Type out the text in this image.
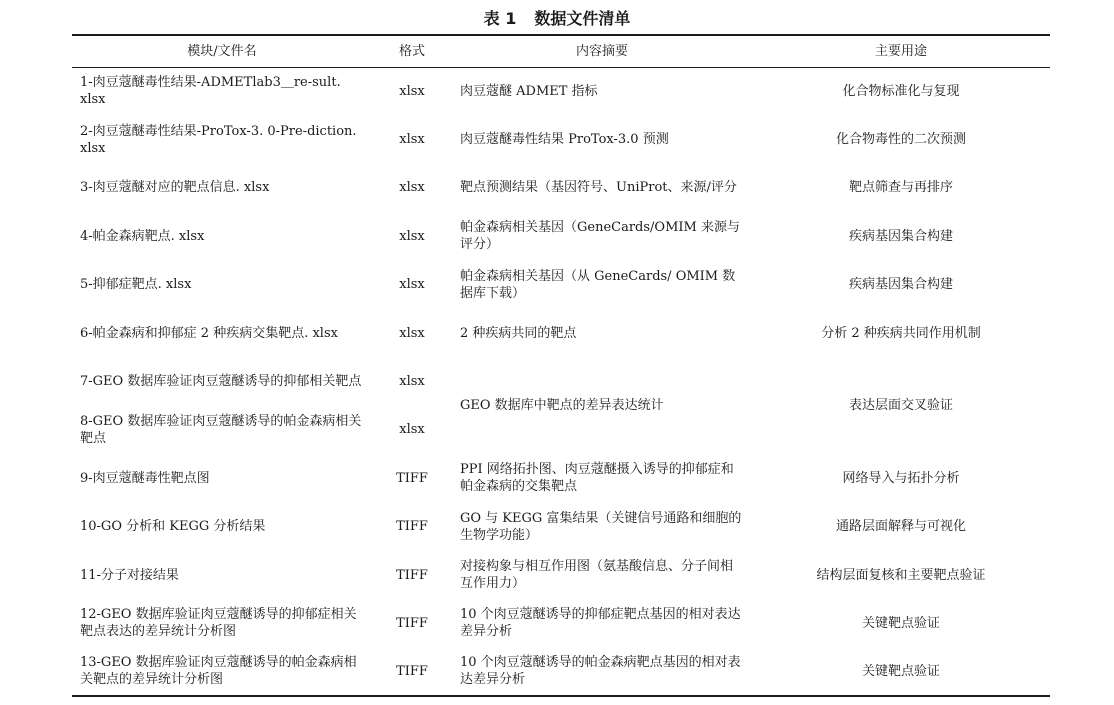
表 1 数据文件清单
模块/文件名	格式	内容摘要	主要用途
1-肉豆蔻醚毒性结果-ADMETlab3＿re-sult. xlsx	xlsx	肉豆蔻醚 ADMET 指标	化合物标准化与复现
2-肉豆蔻醚毒性结果-ProTox-3. 0-Pre-diction. xlsx	xlsx	肉豆蔻醚毒性结果 ProTox-3.0 预测	化合物毒性的二次预测
3-肉豆蔻醚对应的靶点信息. xlsx	xlsx	靶点预测结果（基因符号、UniProt、来源/评分	靶点筛查与再排序
4-帕金森病靶点. xlsx	xlsx	帕金森病相关基因（GeneCards/OMIM 来源与评分）	疾病基因集合构建
5-抑郁症靶点. xlsx	xlsx	帕金森病相关基因（从 GeneCards/ OMIM 数据库下载）	疾病基因集合构建
6-帕金森病和抑郁症 2 种疾病交集靶点. xlsx	xlsx	2 种疾病共同的靶点	分析 2 种疾病共同作用机制
7-GEO 数据库验证肉豆蔻醚诱导的抑郁相关靶点	xlsx	GEO 数据库中靶点的差异表达统计	表达层面交叉验证
8-GEO 数据库验证肉豆蔻醚诱导的帕金森病相关靶点	xlsx		
9-肉豆蔻醚毒性靶点图	TIFF	PPI 网络拓扑图、肉豆蔻醚摄入诱导的抑郁症和帕金森病的交集靶点	网络导入与拓扑分析
10-GO 分析和 KEGG 分析结果	TIFF	GO 与 KEGG 富集结果（关键信号通路和细胞的生物学功能）	通路层面解释与可视化
11-分子对接结果	TIFF	对接构象与相互作用图（氨基酸信息、分子间相互作用力）	结构层面复核和主要靶点验证
12-GEO 数据库验证肉豆蔻醚诱导的抑郁症相关靶点表达的差异统计分析图	TIFF	10 个肉豆蔻醚诱导的抑郁症靶点基因的相对表达差异分析	关键靶点验证
13-GEO 数据库验证肉豆蔻醚诱导的帕金森病相关靶点的差异统计分析图	TIFF	10 个肉豆蔻醚诱导的帕金森病靶点基因的相对表达差异分析	关键靶点验证
